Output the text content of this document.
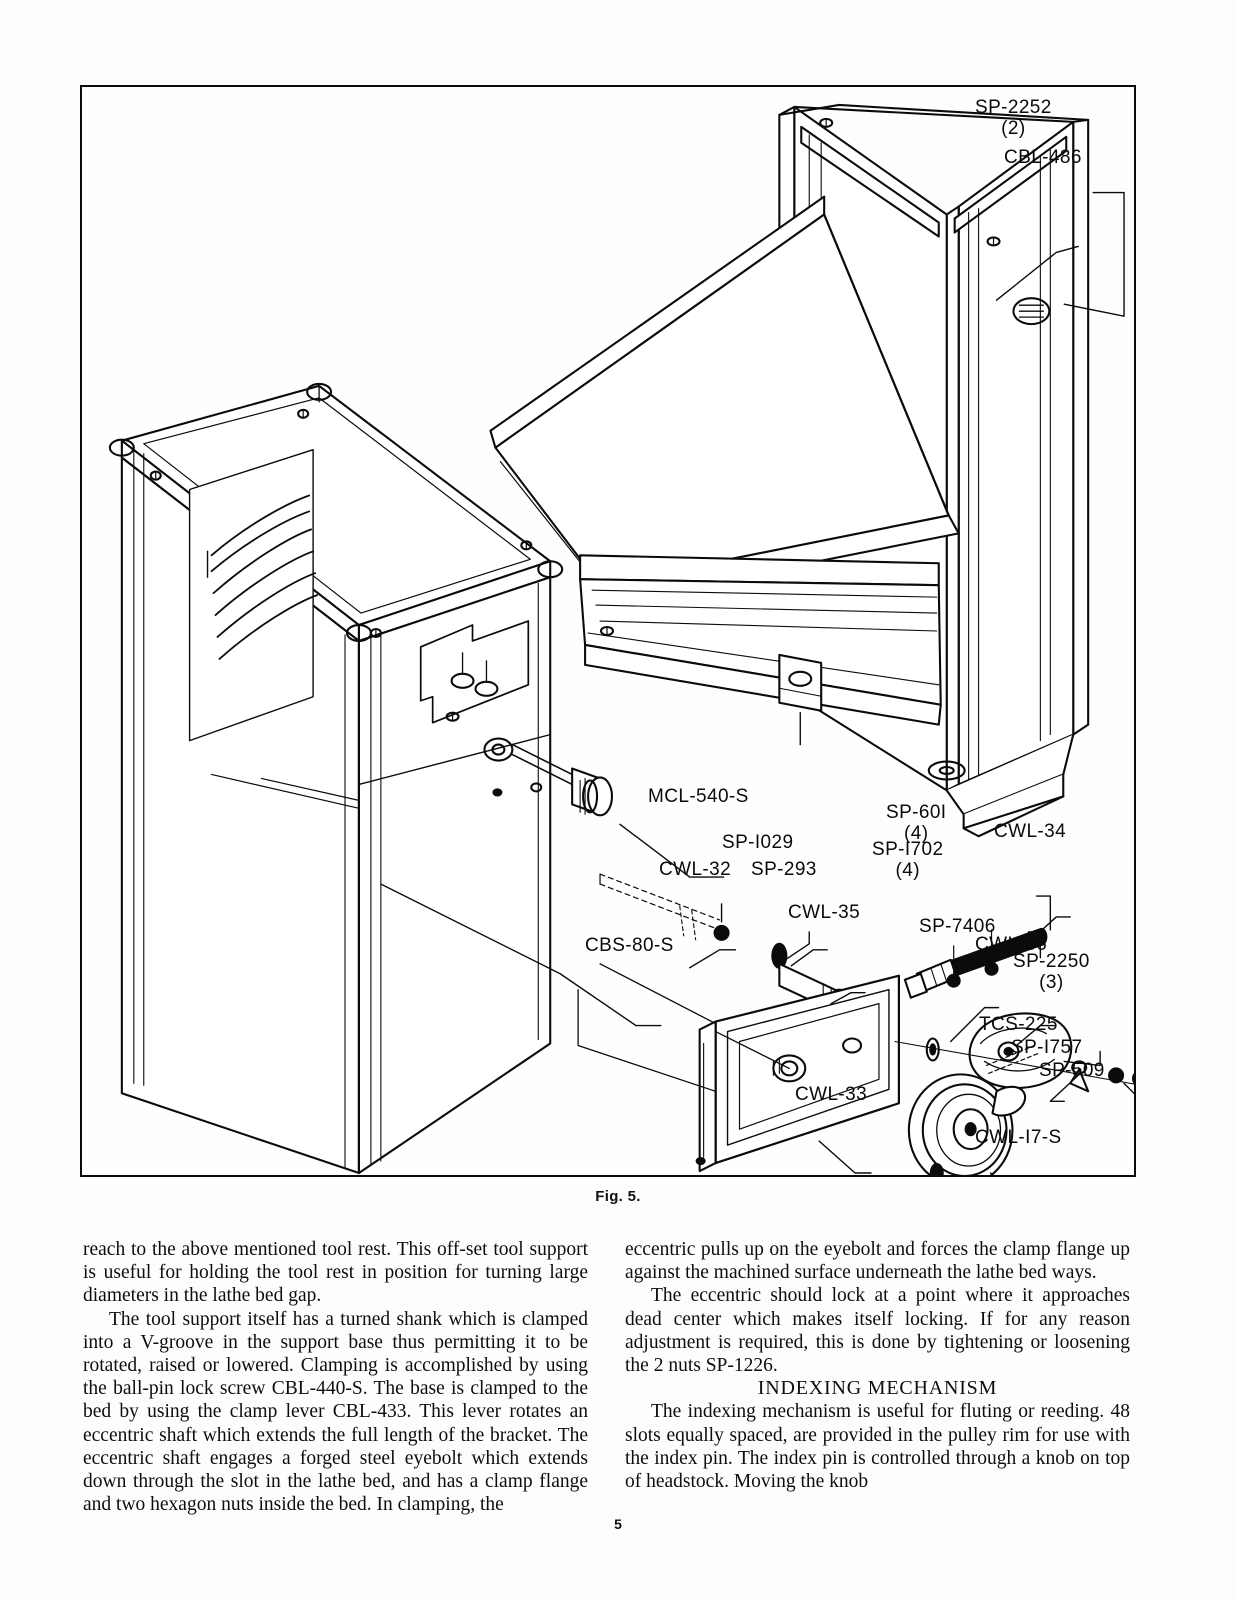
SP-2252
(2)
CBL-486
MCL-540-S
SP-60I
(4)	CWL-34
SP-I029	SP-I702
(4)
CWL-32 SP-293
CWL-35
SP-7406
CWL-36
SP-2250
(3)
CBS-80-S
TCS-225
SP-I757
SP-509
CWL-33
CWL-I7-S
Fig. 5.

reach to the above mentioned tool rest. This off-set tool support is useful for holding the tool rest in position for turning large diameters in the lathe bed gap.

The tool support itself has a turned shank which is clamped into a V-groove in the support base thus permitting it to be rotated, raised or lowered. Clamping is accomplished by using the ball-pin lock screw CBL-440-S. The base is clamped to the bed by using the clamp lever CBL-433. This lever rotates an eccentric shaft which extends the full length of the bracket. The eccentric shaft engages a forged steel eyebolt which extends down through the slot in the lathe bed, and has a clamp flange and two hexagon nuts inside the bed. In clamping, the

eccentric pulls up on the eyebolt and forces the clamp flange up against the machined surface underneath the lathe bed ways.

The eccentric should lock at a point where it approaches dead center which makes itself locking. If for any reason adjustment is required, this is done by tightening or loosening the 2 nuts SP-1226.

INDEXING MECHANISM

The indexing mechanism is useful for fluting or reeding. 48 slots equally spaced, are provided in the pulley rim for use with the index pin. The index pin is controlled through a knob on top of headstock. Moving the knob

5
